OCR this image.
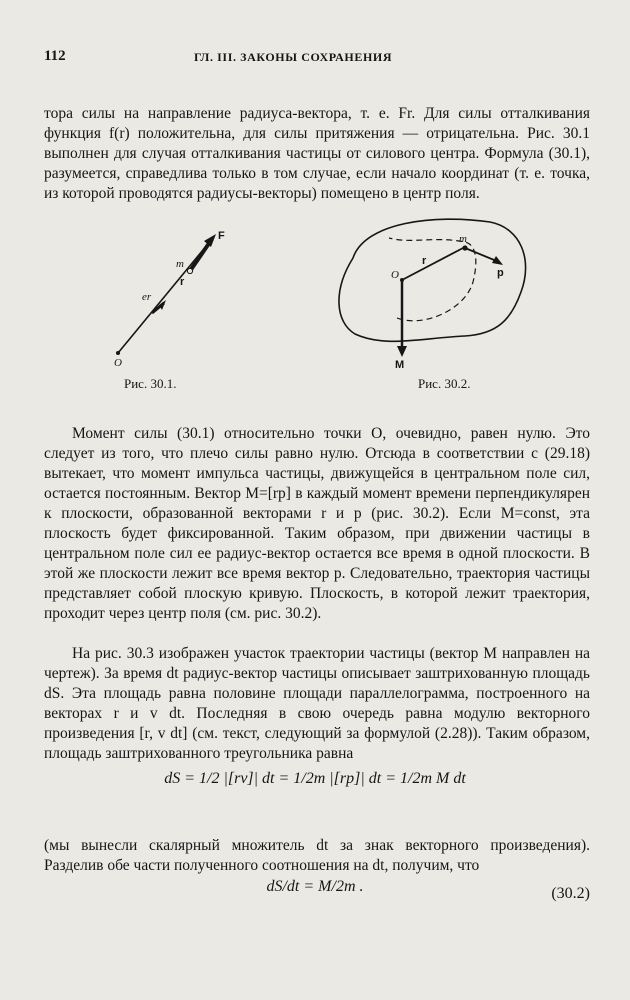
112	ГЛ. III. ЗАКОНЫ СОХРАНЕНИЯ

тора силы на направление радиуса-вектора, т. е. Fr. Для силы отталкивания функция f(r) положительна, для силы притяжения — отрицательна. Рис. 30.1 выполнен для случая отталкивания частицы от силового центра. Формула (30.1), разумеется, справедлива только в том случае, если начало координат (т. е. точка, из которой проводятся радиусы-векторы) помещено в центр поля.

F
m
r
er
O
Рис. 30.1.
m
r
p
O
M
Рис. 30.2.

Момент силы (30.1) относительно точки O, очевидно, равен нулю. Это следует из того, что плечо силы равно нулю. Отсюда в соответствии с (29.18) вытекает, что момент импульса частицы, движущейся в центральном поле сил, остается постоянным. Вектор M=[rp] в каждый момент времени перпендикулярен к плоскости, образованной векторами r и p (рис. 30.2). Если M=const, эта плоскость будет фиксированной. Таким образом, при движении частицы в центральном поле сил ее радиус-вектор остается все время в одной плоскости. В этой же плоскости лежит все время вектор p. Следовательно, траектория частицы представляет собой плоскую кривую. Плоскость, в которой лежит траектория, проходит через центр поля (см. рис. 30.2).

На рис. 30.3 изображен участок траектории частицы (вектор M направлен на чертеж). За время dt радиус-вектор частицы описывает заштрихованную площадь dS. Эта площадь равна половине площади параллелограмма, построенного на векторах r и v dt. Последняя в свою очередь равна модулю векторного произведения [r, v dt] (см. текст, следующий за формулой (2.28)). Таким образом, площадь заштрихованного треугольника равна

dS = 1/2 |[rv]| dt = 1/2m |[rp]| dt = 1/2m M dt

(мы вынесли скалярный множитель dt за знак векторного произведения). Разделив обе части полученного соотношения на dt, получим, что

dS/dt = M/2m .	(30.2)
